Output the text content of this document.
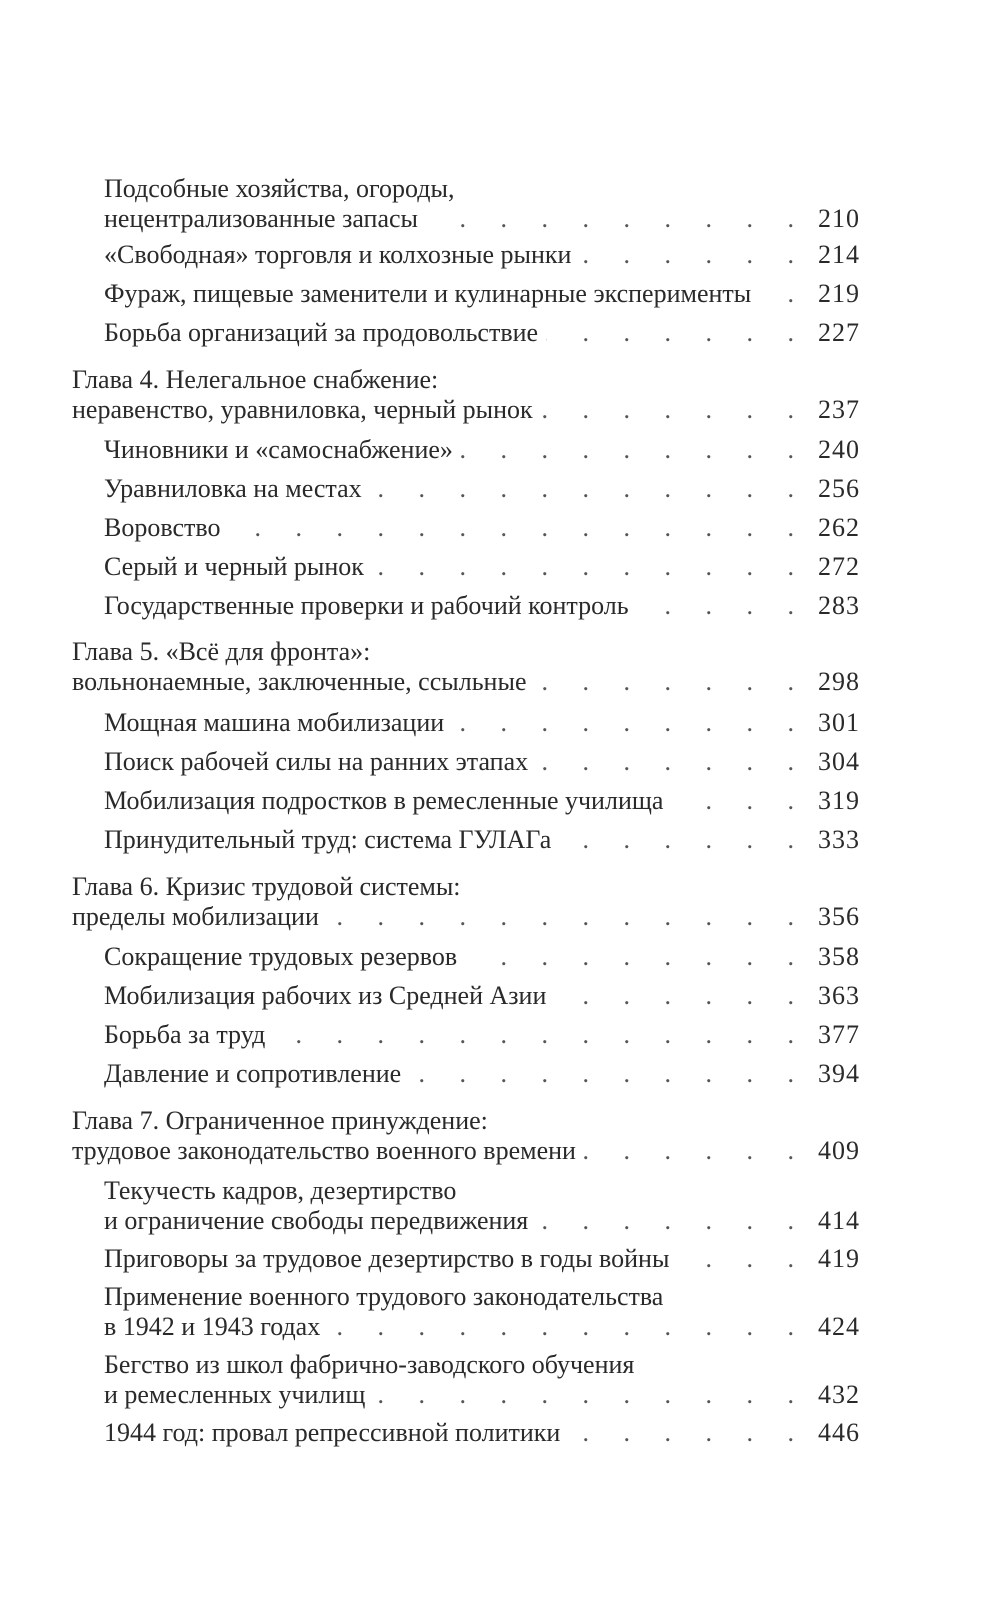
Подсобные хозяйства, огороды,
нецентрализованные запасы . . .	210
«Свободная» торговля и колхозные рынки . . .	214
Фураж, пищевые заменители и кулинарные эксперименты . . .	219
Борьба организаций за продовольствие . . .	227
Глава 4. Нелегальное снабжение:
неравенство, уравниловка, черный рынок . . .	237
Чиновники и «самоснабжение» . . .	240
Уравниловка на местах . . .	256
Воровство . . .	262
Серый и черный рынок . . .	272
Государственные проверки и рабочий контроль . . .	283
Глава 5. «Всё для фронта»:
вольнонаемные, заключенные, ссыльные . . .	298
Мощная машина мобилизации . . .	301
Поиск рабочей силы на ранних этапах . . .	304
Мобилизация подростков в ремесленные училища . . .	319
Принудительный труд: система ГУЛАГа . . .	333
Глава 6. Кризис трудовой системы:
пределы мобилизации . . .	356
Сокращение трудовых резервов . . .	358
Мобилизация рабочих из Средней Азии . . .	363
Борьба за труд . . .	377
Давление и сопротивление . . .	394
Глава 7. Ограниченное принуждение:
трудовое законодательство военного времени . . .	409
Текучесть кадров, дезертирство
и ограничение свободы передвижения . . .	414
Приговоры за трудовое дезертирство в годы войны . . .	419
Применение военного трудового законодательства
в 1942 и 1943 годах . . .	424
Бегство из школ фабрично-заводского обучения
и ремесленных училищ . . .	432
1944 год: провал репрессивной политики . . .	446
